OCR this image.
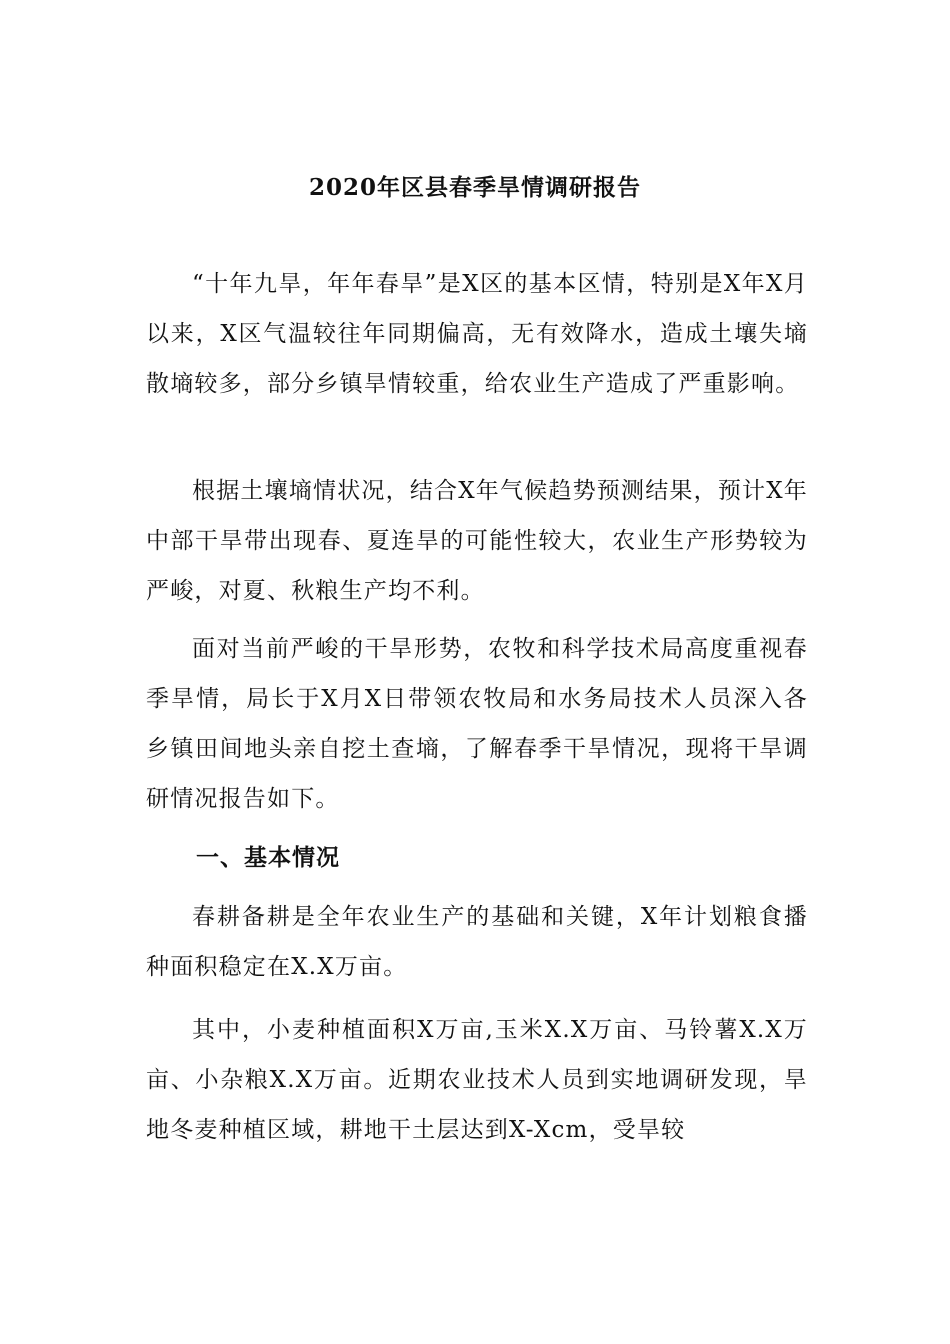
2020年区县春季旱情调研报告

“十年九旱，年年春旱”是X区的基本区情，特别是X年X月以来，X区气温较往年同期偏高，无有效降水，造成土壤失墒散墒较多，部分乡镇旱情较重，给农业生产造成了严重影响。

根据土壤墒情状况，结合X年气候趋势预测结果，预计X年中部干旱带出现春、夏连旱的可能性较大，农业生产形势较为严峻，对夏、秋粮生产均不利。

面对当前严峻的干旱形势，农牧和科学技术局高度重视春季旱情，局长于X月X日带领农牧局和水务局技术人员深入各乡镇田间地头亲自挖土查墒，了解春季干旱情况，现将干旱调研情况报告如下。

一、基本情况

春耕备耕是全年农业生产的基础和关键，X年计划粮食播种面积稳定在X.X万亩。

其中，小麦种植面积X万亩,玉米X.X万亩、马铃薯X.X万亩、小杂粮X.X万亩。近期农业技术人员到实地调研发现，旱地冬麦种植区域，耕地干土层达到X-Xcm，受旱较
